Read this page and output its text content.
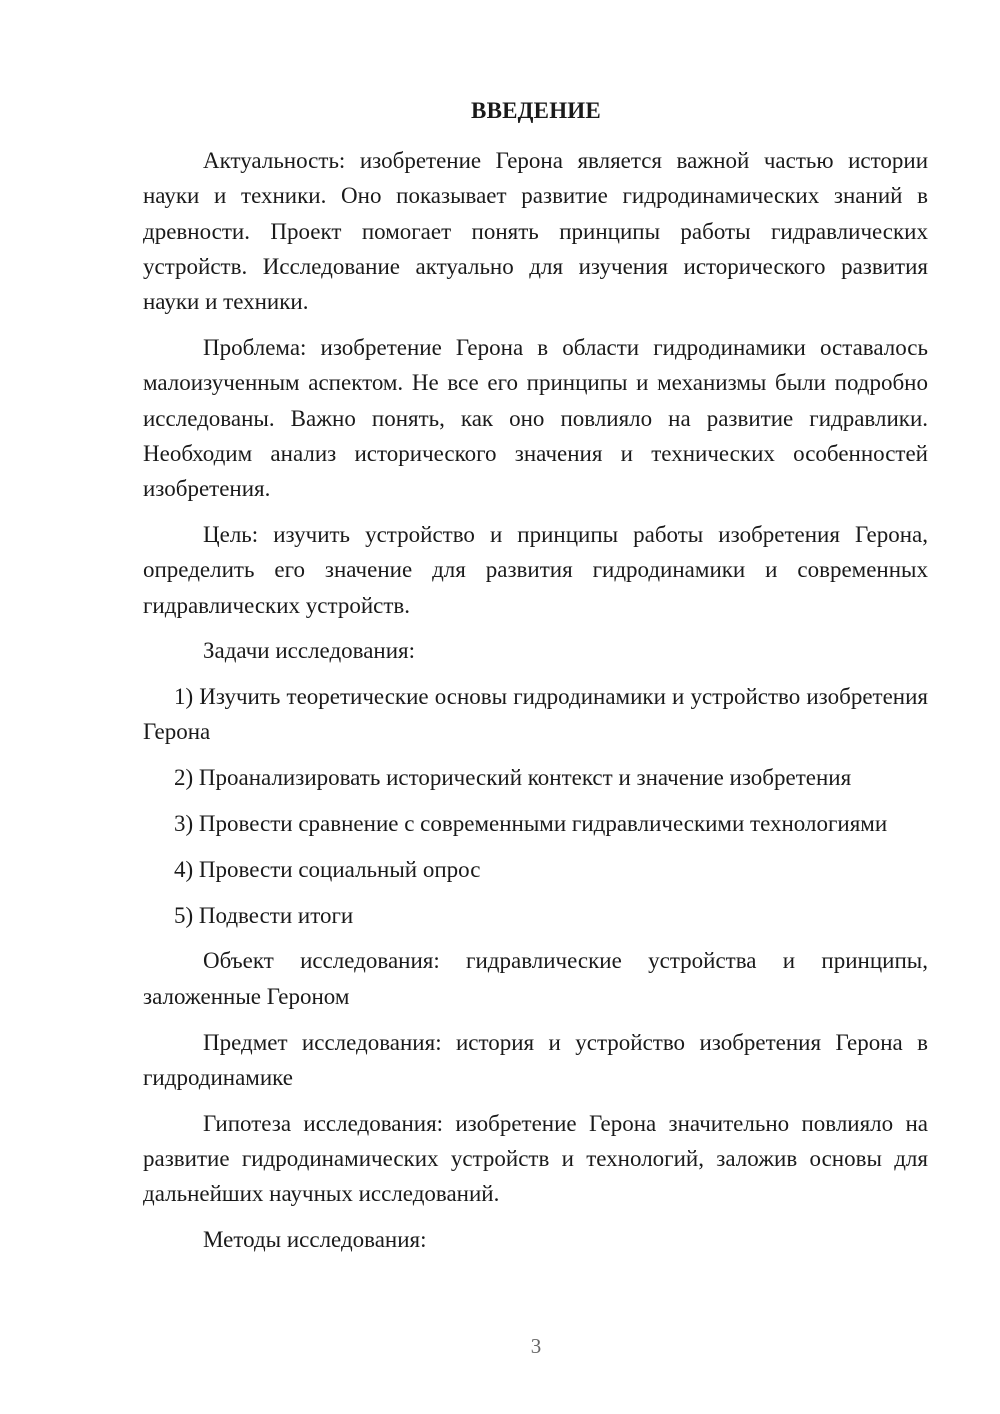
ВВЕДЕНИЕ

Актуальность: изобретение Герона является важной частью истории науки и техники. Оно показывает развитие гидродинамических знаний в древности. Проект помогает понять принципы работы гидравлических устройств. Исследование актуально для изучения исторического развития науки и техники.

Проблема: изобретение Герона в области гидродинамики оставалось малоизученным аспектом. Не все его принципы и механизмы были подробно исследованы. Важно понять, как оно повлияло на развитие гидравлики. Необходим анализ исторического значения и технических особенностей изобретения.

Цель: изучить устройство и принципы работы изобретения Герона, определить его значение для развития гидродинамики и современных гидравлических устройств.

Задачи исследования:

1) Изучить теоретические основы гидродинамики и устройство изобретения Герона

2) Проанализировать исторический контекст и значение изобретения

3) Провести сравнение с современными гидравлическими технологиями

4) Провести социальный опрос

5) Подвести итоги

Объект исследования: гидравлические устройства и принципы, заложенные Героном

Предмет исследования: история и устройство изобретения Герона в гидродинамике

Гипотеза исследования: изобретение Герона значительно повлияло на развитие гидродинамических устройств и технологий, заложив основы для дальнейших научных исследований.

Методы исследования:

3
